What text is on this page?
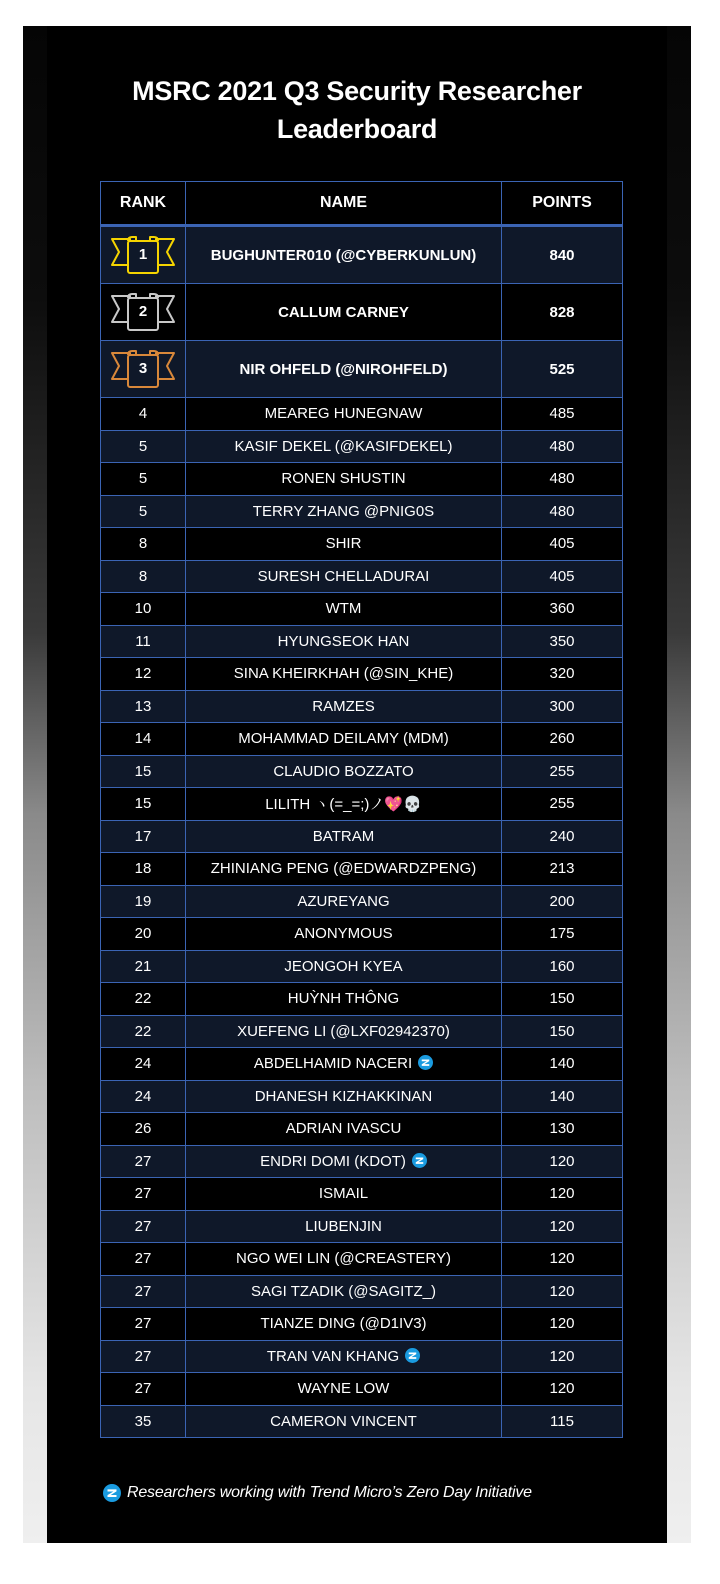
MSRC 2021 Q3 Security Researcher
Leaderboard
RANK	NAME	POINTS

1	BUGHUNTER010 (@CYBERKUNLUN)	840

2	CALLUM CARNEY	828

3	NIR OHFELD (@NIROHFELD)	525
4	MEAREG HUNEGNAW	485
5	KASIF DEKEL (@KASIFDEKEL)	480
5	RONEN SHUSTIN	480
5	TERRY ZHANG @PNIG0S	480
8	SHIR	405
8	SURESH CHELLADURAI	405
10	WTM	360
11	HYUNGSEOK HAN	350
12	SINA KHEIRKHAH (@SIN_KHE)	320
13	RAMZES	300
14	MOHAMMAD DEILAMY (MDM)	260
15	CLAUDIO BOZZATO	255
15	LILITH ヽ(=_=;)ノ💖💀	255
17	BATRAM	240
18	ZHINIANG PENG (@EDWARDZPENG)	213
19	AZUREYANG	200
20	ANONYMOUS	175
21	JEONGOH KYEA	160
22	HUỲNH THÔNG	150
22	XUEFENG LI (@LXF02942370)	150
24	ABDELHAMID NACERI	140
24	DHANESH KIZHAKKINAN	140
26	ADRIAN IVASCU	130
27	ENDRI DOMI (KDOT)	120
27	ISMAIL	120
27	LIUBENJIN	120
27	NGO WEI LIN (@CREASTERY)	120
27	SAGI TZADIK (@SAGITZ_)	120
27	TIANZE DING (@D1IV3)	120
27	TRAN VAN KHANG	120
27	WAYNE LOW	120
35	CAMERON VINCENT	115
Researchers working with Trend Micro’s Zero Day Initiative
